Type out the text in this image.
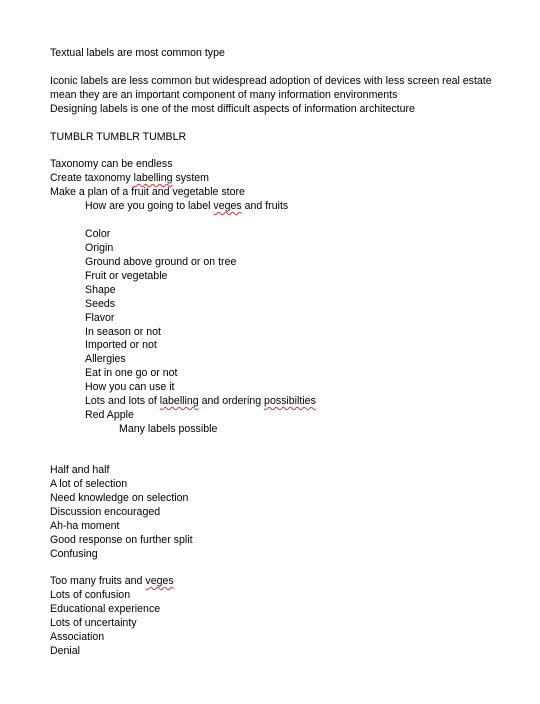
Textual labels are most common type
Iconic labels are less common but widespread adoption of devices with less screen real estate
mean they are an important component of many information environments
Designing labels is one of the most difficult aspects of information architecture
TUMBLR TUMBLR TUMBLR
Taxonomy can be endless
Create taxonomy labelling system
Make a plan of a fruit and vegetable store
How are you going to label veges and fruits
Color
Origin
Ground above ground or on tree
Fruit or vegetable
Shape
Seeds
Flavor
In season or not
Imported or not
Allergies
Eat in one go or not
How you can use it
Lots and lots of labelling and ordering possibilties
Red Apple
Many labels possible
Half and half
A lot of selection
Need knowledge on selection
Discussion encouraged
Ah-ha moment
Good response on further split
Confusing
Too many fruits and veges
Lots of confusion
Educational experience
Lots of uncertainty
Association
Denial
